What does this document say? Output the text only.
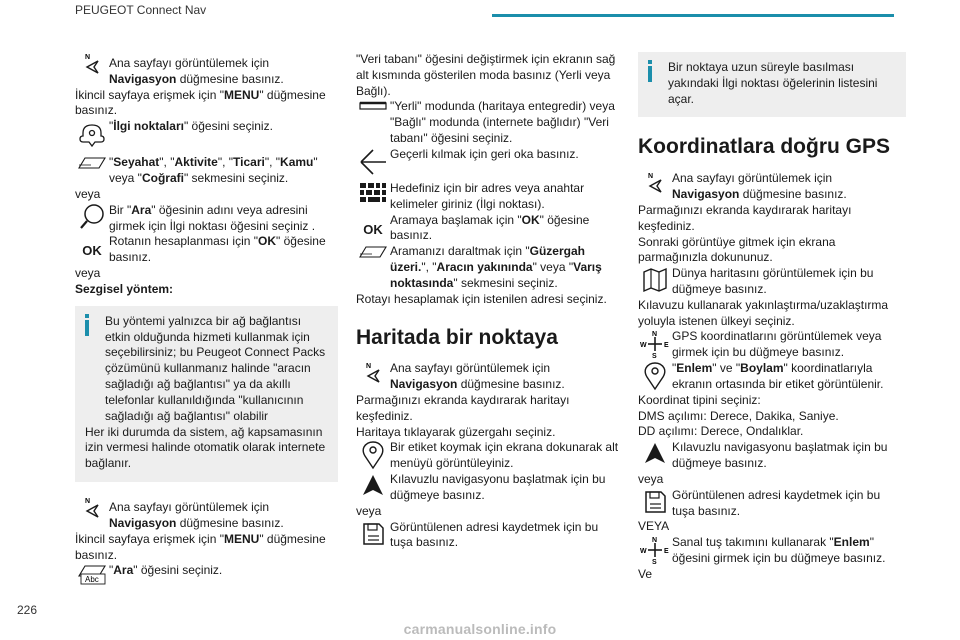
PEUGEOT Connect Nav
N Ana sayfayı görüntülemek için
Navigasyon düğmesine basınız.

İkincil sayfaya erişmek için "MENU" düğmesine basınız.

"İlgi noktaları" öğesini seçiniz.
"Seyahat", "Aktivite", "Ticari", "Kamu" veya "Coğrafi" sekmesini seçiniz.

veya

Bir "Ara" öğesinin adını veya adresini girmek için İlgi noktası öğesini seçiniz .
OK
Rotanın hesaplanması için "OK" öğesine basınız.

veya

Sezgisel yöntem:

Bu yöntemi yalnızca bir ağ bağlantısı etkin olduğunda hizmeti kullanmak için seçebilirsiniz; bu Peugeot Connect Packs çözümünü kullanmanız halinde "aracın sağladığı ağ bağlantısı" ya da akıllı telefonlar kullanıldığında "kullanıcının sağladığı ağ bağlantısı" olabilir

Her iki durumda da sistem, ağ kapsamasının izin vermesi halinde otomatik olarak internete bağlanır.

N Ana sayfayı görüntülemek için
Navigasyon düğmesine basınız.

İkincil sayfaya erişmek için "MENU" düğmesine basınız.

Abc
"Ara" öğesini seçiniz.

"Veri tabanı" öğesini değiştirmek için ekranın sağ alt kısmında gösterilen moda basınız (Yerli veya Bağlı).

"Yerli" modunda (haritaya entegredir) veya "Bağlı" modunda (internete bağlıdır) "Veri tabanı" öğesini seçiniz.
Geçerli kılmak için geri oka basınız.
Hedefiniz için bir adres veya anahtar kelimeler giriniz (İlgi noktası).
OK
Aramaya başlamak için "OK" öğesine basınız.
Aramanızı daraltmak için "Güzergah üzeri.", "Aracın yakınında" veya "Varış noktasında" sekmesini seçiniz.

Rotayı hesaplamak için istenilen adresi seçiniz.

Haritada bir noktaya
N Ana sayfayı görüntülemek için
Navigasyon düğmesine basınız.

Parmağınızı ekranda kaydırarak haritayı keşfediniz.

Haritaya tıklayarak güzergahı seçiniz.

Bir etiket koymak için ekrana dokunarak alt menüyü görüntüleyiniz.
Kılavuzlu navigasyonu başlatmak için bu düğmeye basınız.

veya

Görüntülenen adresi kaydetmek için bu tuşa basınız.

Bir noktaya uzun süreyle basılması yakındaki İlgi noktası öğelerinin listesini açar.

Koordinatlara doğru GPS
N Ana sayfayı görüntülemek için
Navigasyon düğmesine basınız.

Parmağınızı ekranda kaydırarak haritayı keşfediniz.

Sonraki görüntüye gitmek için ekrana parmağınızla dokununuz.

Dünya haritasını görüntülemek için bu düğmeye basınız.

Kılavuzu kullanarak yakınlaştırma/uzaklaştırma yoluyla istenen ülkeyi seçiniz.

N
S
W E
GPS koordinatlarını görüntülemek veya girmek için bu düğmeye basınız.
"Enlem" ve "Boylam" koordinatlarıyla ekranın ortasında bir etiket görüntülenir.

Koordinat tipini seçiniz:

DMS açılımı: Derece, Dakika, Saniye.

DD açılımı: Derece, Ondalıklar.

Kılavuzlu navigasyonu başlatmak için bu düğmeye basınız.

veya

Görüntülenen adresi kaydetmek için bu tuşa basınız.

VEYA

N
S
W E
Sanal tuş takımını kullanarak "Enlem" öğesini girmek için bu düğmeye basınız.

Ve

226
carmanualsonline.info
